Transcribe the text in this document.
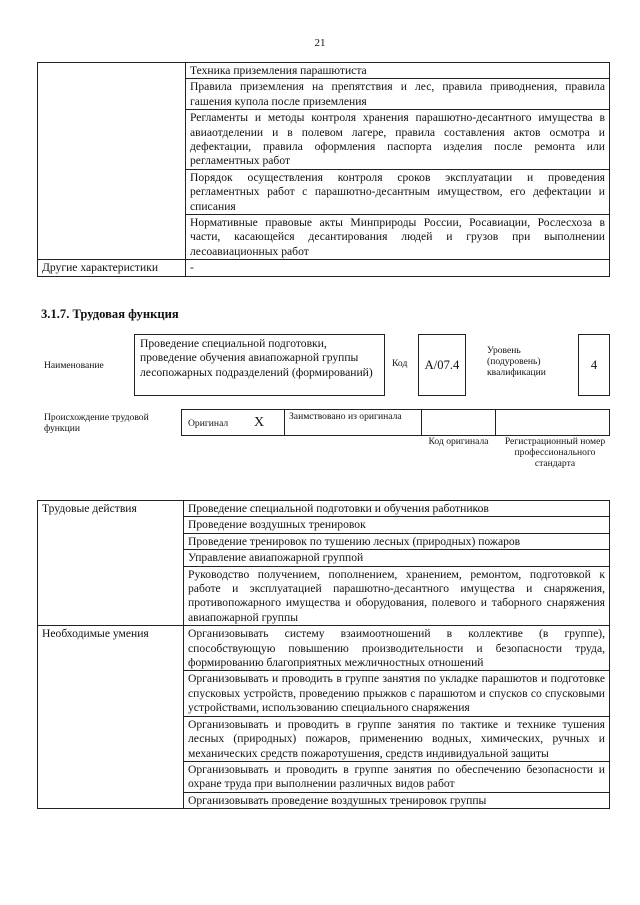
21
	Техника приземления парашютиста
	Правила приземления на препятствия и лес, правила приводнения, правила гашения купола после приземления
	Регламенты и методы контроля хранения парашютно-десантного имущества в авиаотделении и в полевом лагере, правила составления актов осмотра и дефектации, правила оформления паспорта изделия после ремонта или регламентных работ
	Порядок осуществления контроля сроков эксплуатации и проведения регламентных работ с парашютно-десантным имуществом, его дефектации и списания
	Нормативные правовые акты Минприроды России, Росавиации, Рослесхоза в части, касающейся десантирования людей и грузов при выполнении лесоавиационных работ
Другие характеристики	-
3.1.7. Трудовая функция
Наименование
Проведение специальной подготовки, проведение обучения авиапожарной группы лесопожарных подразделений (формирований)
Код	А/07.4
Уровень (подуровень) квалификации
4
Происхождение трудовой функции	Оригинал X	Заимствовано из оригинала
Код оригинала	Регистрационный номер профессионального стандарта
Трудовые действия	Проведение специальной подготовки и обучения работников
	Проведение воздушных тренировок
	Проведение тренировок по тушению лесных (природных) пожаров
	Управление авиапожарной группой
	Руководство получением, пополнением, хранением, ремонтом, подготовкой к работе и эксплуатацией парашютно-десантного имущества и снаряжения, противопожарного имущества и оборудования, полевого и таборного снаряжения авиапожарной группы
Необходимые умения	Организовывать систему взаимоотношений в коллективе (в группе), способствующую повышению производительности и безопасности труда, формированию благоприятных межличностных отношений
	Организовывать и проводить в группе занятия по укладке парашютов и подготовке спусковых устройств, проведению прыжков с парашютом и спусков со спусковыми устройствами, использованию специального снаряжения
	Организовывать и проводить в группе занятия по тактике и технике тушения лесных (природных) пожаров, применению водных, химических, ручных и механических средств пожаротушения, средств индивидуальной защиты
	Организовывать и проводить в группе занятия по обеспечению безопасности и охране труда при выполнении различных видов работ
	Организовывать проведение воздушных тренировок группы
